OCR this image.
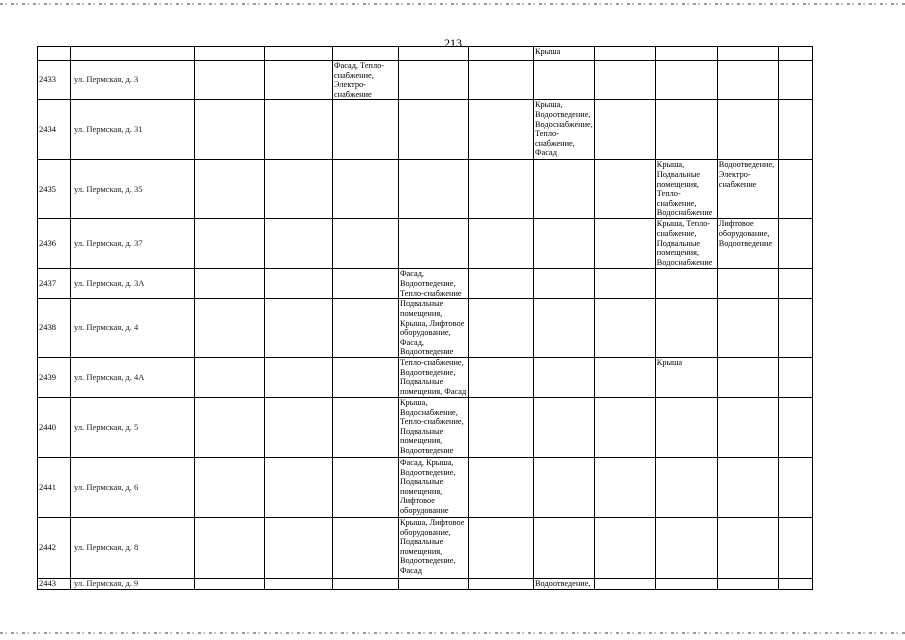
213
							Крыша				
2433	ул. Пермская, д. 3			Фасад, Тепло-снабжение, Электро-снабжение							
2434	ул. Пермская, д. 31						Крыша, Водоотведение, Водоснабжение, Тепло-снабжение, Фасад				
2435	ул. Пермская, д. 35								Крыша, Подвальные помещения, Тепло-снабжение, Водоснабжение	Водоотведение, Электро-снабжение	
2436	ул. Пермская, д. 37								Крыша, Тепло-снабжение, Подвальные помещения, Водоснабжение	Лифтовое оборудование, Водоотведение	
2437	ул. Пермская, д. 3А				Фасад, Водоотведение, Тепло-снабжение						
2438	ул. Пермская, д. 4				Подвальные помещения, Крыша, Лифтовое оборудование, Фасад, Водоотведение						
2439	ул. Пермская, д. 4А				Тепло-снабжение, Водоотведение, Подвальные помещения, Фасад				Крыша		
2440	ул. Пермская, д. 5				Крыша, Водоснабжение, Тепло-снабжение, Подвальные помещения, Водоотведение						
2441	ул. Пермская, д. 6				Фасад, Крыша, Водоотведение, Подвальные помещения, Лифтовое оборудование						
2442	ул. Пермская, д. 8				Крыша, Лифтовое оборудование, Подвальные помещения, Водоотведение, Фасад						
2443	ул. Пермская, д. 9						Водоотведение,				
